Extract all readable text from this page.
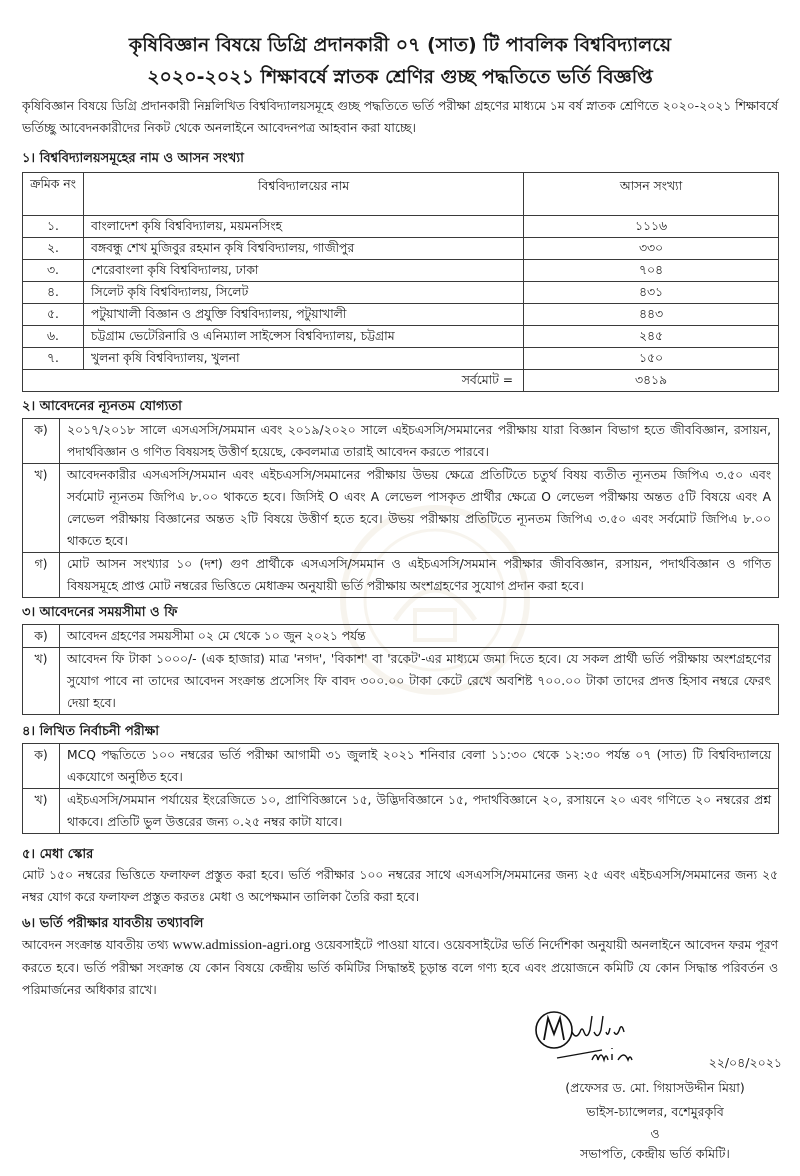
কৃষিবিজ্ঞান বিষয়ে ডিগ্রি প্রদানকারী ০৭ (সাত) টি পাবলিক বিশ্ববিদ্যালয়ে
২০২০-২০২১ শিক্ষাবর্ষে স্নাতক শ্রেণির গুচ্ছ পদ্ধতিতে ভর্তি বিজ্ঞপ্তি
কৃষিবিজ্ঞান বিষয়ে ডিগ্রি প্রদানকারী নিম্নলিখিত বিশ্ববিদ্যালয়সমূহে গুচ্ছ পদ্ধতিতে ভর্তি পরীক্ষা গ্রহণের মাধ্যমে ১ম বর্ষ স্নাতক শ্রেণিতে ২০২০-২০২১ শিক্ষাবর্ষে ভর্তিচ্ছু আবেদনকারীদের নিকট থেকে অনলাইনে আবেদনপত্র আহবান করা যাচ্ছে।
১। বিশ্ববিদ্যালয়সমূহের নাম ও আসন সংখ্যা
ক্রমিক নং	বিশ্ববিদ্যালয়ের নাম	আসন সংখ্যা
১.	বাংলাদেশ কৃষি বিশ্ববিদ্যালয়, ময়মনসিংহ	১১১৬
২.	বঙ্গবন্ধু শেখ মুজিবুর রহমান কৃষি বিশ্ববিদ্যালয়, গাজীপুর	৩৩০
৩.	শেরেবাংলা কৃষি বিশ্ববিদ্যালয়, ঢাকা	৭০৪
৪.	সিলেট কৃষি বিশ্ববিদ্যালয়, সিলেট	৪৩১
৫.	পটুয়াখালী বিজ্ঞান ও প্রযুক্তি বিশ্ববিদ্যালয়, পটুয়াখালী	৪৪৩
৬.	চট্টগ্রাম ভেটেরিনারি ও এনিম্যাল সাইন্সেস বিশ্ববিদ্যালয়, চট্টগ্রাম	২৪৫
৭.	খুলনা কৃষি বিশ্ববিদ্যালয়, খুলনা	১৫০
সর্বমোট =		৩৪১৯
২। আবেদনের ন্যূনতম যোগ্যতা
ক)	২০১৭/২০১৮ সালে এসএসসি/সমমান এবং ২০১৯/২০২০ সালে এইচএসসি/সমমানের পরীক্ষায় যারা বিজ্ঞান বিভাগ হতে জীববিজ্ঞান, রসায়ন, পদার্থবিজ্ঞান ও গণিত বিষয়সহ উত্তীর্ণ হয়েছে, কেবলমাত্র তারাই আবেদন করতে পারবে।
খ)	আবেদনকারীর এসএসসি/সমমান এবং এইচএসসি/সমমানের পরীক্ষায় উভয় ক্ষেত্রে প্রতিটিতে চতুর্থ বিষয় ব্যতীত ন্যূনতম জিপিএ ৩.৫০ এবং সর্বমোট ন্যূনতম জিপিএ ৮.০০ থাকতে হবে। জিসিই O এবং A লেভেল পাসকৃত প্রার্থীর ক্ষেত্রে O লেভেল পরীক্ষায় অন্তত ৫টি বিষয়ে এবং A লেভেল পরীক্ষায় বিজ্ঞানের অন্তত ২টি বিষয়ে উত্তীর্ণ হতে হবে। উভয় পরীক্ষায় প্রতিটিতে ন্যূনতম জিপিএ ৩.৫০ এবং সর্বমোট জিপিএ ৮.০০ থাকতে হবে।
গ)	মোট আসন সংখ্যার ১০ (দশ) গুণ প্রার্থীকে এসএসসি/সমমান ও এইচএসসি/সমমান পরীক্ষার জীববিজ্ঞান, রসায়ন, পদার্থবিজ্ঞান ও গণিত বিষয়সমূহে প্রাপ্ত মোট নম্বরের ভিত্তিতে মেধাক্রম অনুযায়ী ভর্তি পরীক্ষায় অংশগ্রহণের সুযোগ প্রদান করা হবে।
৩। আবেদনের সময়সীমা ও ফি
ক)	আবেদন গ্রহণের সময়সীমা ০২ মে থেকে ১০ জুন ২০২১ পর্যন্ত
খ)	আবেদন ফি টাকা ১০০০/- (এক হাজার) মাত্র 'নগদ', 'বিকাশ' বা 'রকেট'-এর মাধ্যমে জমা দিতে হবে। যে সকল প্রার্থী ভর্তি পরীক্ষায় অংশগ্রহণের সুযোগ পাবে না তাদের আবেদন সংক্রান্ত প্রসেসিং ফি বাবদ ৩০০.০০ টাকা কেটে রেখে অবশিষ্ট ৭০০.০০ টাকা তাদের প্রদত্ত হিসাব নম্বরে ফেরৎ দেয়া হবে।
৪। লিখিত নির্বাচনী পরীক্ষা
ক)	MCQ পদ্ধতিতে ১০০ নম্বরের ভর্তি পরীক্ষা আগামী ৩১ জুলাই ২০২১ শনিবার বেলা ১১:৩০ থেকে ১২:৩০ পর্যন্ত ০৭ (সাত) টি বিশ্ববিদ্যালয়ে একযোগে অনুষ্ঠিত হবে।
খ)	এইচএসসি/সমমান পর্যায়ের ইংরেজিতে ১০, প্রাণিবিজ্ঞানে ১৫, উদ্ভিদবিজ্ঞানে ১৫, পদার্থবিজ্ঞানে ২০, রসায়নে ২০ এবং গণিতে ২০ নম্বরের প্রশ্ন থাকবে। প্রতিটি ভুল উত্তরের জন্য ০.২৫ নম্বর কাটা যাবে।
৫। মেধা স্কোর
মোট ১৫০ নম্বরের ভিত্তিতে ফলাফল প্রস্তুত করা হবে। ভর্তি পরীক্ষার ১০০ নম্বরের সাথে এসএসসি/সমমানের জন্য ২৫ এবং এইচএসসি/সমমানের জন্য ২৫ নম্বর যোগ করে ফলাফল প্রস্তুত করতঃ মেধা ও অপেক্ষমান তালিকা তৈরি করা হবে।
৬। ভর্তি পরীক্ষার যাবতীয় তথ্যাবলি
আবেদন সংক্রান্ত যাবতীয় তথ্য www.admission-agri.org ওয়েবসাইটে পাওয়া যাবে। ওয়েবসাইটের ভর্তি নির্দেশিকা অনুযায়ী অনলাইনে আবেদন ফরম পূরণ করতে হবে। ভর্তি পরীক্ষা সংক্রান্ত যে কোন বিষয়ে কেন্দ্রীয় ভর্তি কমিটির সিদ্ধান্তই চূড়ান্ত বলে গণ্য হবে এবং প্রয়োজনে কমিটি যে কোন সিদ্ধান্ত পরিবর্তন ও পরিমার্জনের অধিকার রাখে।
২২/০৪/২০২১
(প্রফেসর ড. মো. গিয়াসউদ্দীন মিয়া)
ভাইস-চ্যান্সেলর, বশেমুরকৃবি
ও
সভাপতি, কেন্দ্রীয় ভর্তি কমিটি।
